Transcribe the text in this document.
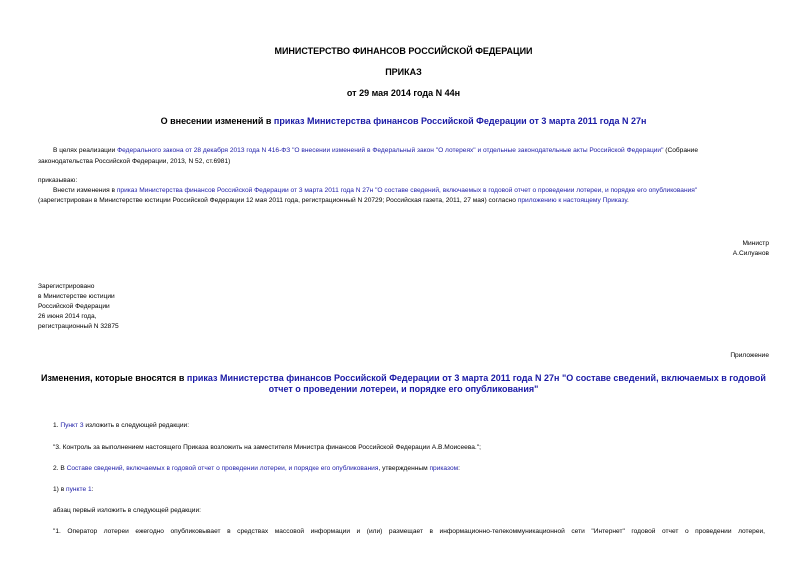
МИНИСТЕРСТВО ФИНАНСОВ РОССИЙСКОЙ ФЕДЕРАЦИИ
ПРИКАЗ
от 29 мая 2014 года N 44н
О внесении изменений в приказ Министерства финансов Российской Федерации от 3 марта 2011 года N 27н
В целях реализации Федерального закона от 28 декабря 2013 года N 416-ФЗ "О внесении изменений в Федеральный закон "О лотереях" и отдельные законодательные акты Российской Федерации" (Собрание
законодательства Российской Федерации, 2013, N 52, ст.6981)
приказываю:
Внести изменения в приказ Министерства финансов Российской Федерации от 3 марта 2011 года N 27н "О составе сведений, включаемых в годовой отчет о проведении лотереи, и порядке его опубликования"
(зарегистрирован в Министерстве юстиции Российской Федерации 12 мая 2011 года, регистрационный N 20729; Российская газета, 2011, 27 мая) согласно приложению к настоящему Приказу.
Министр
А.Силуанов
Зарегистрировано
в Министерстве юстиции
Российской Федерации
26 июня 2014 года,
регистрационный N 32875
Приложение
Изменения, которые вносятся в приказ Министерства финансов Российской Федерации от 3 марта 2011 года N 27н "О составе сведений, включаемых в годовой
отчет о проведении лотереи, и порядке его опубликования"
1. Пункт 3 изложить в следующей редакции:
"3. Контроль за выполнением настоящего Приказа возложить на заместителя Министра финансов Российской Федерации А.В.Моисеева.";
2. В Составе сведений, включаемых в годовой отчет о проведении лотереи, и порядке его опубликования, утвержденным приказом:
1) в пункте 1:
абзац первый изложить в следующей редакции:
"1. Оператор лотереи ежегодно опубликовывает в средствах массовой информации и (или) размещает в информационно-телекоммуникационной сети "Интернет" годовой отчет о проведении лотереи,
